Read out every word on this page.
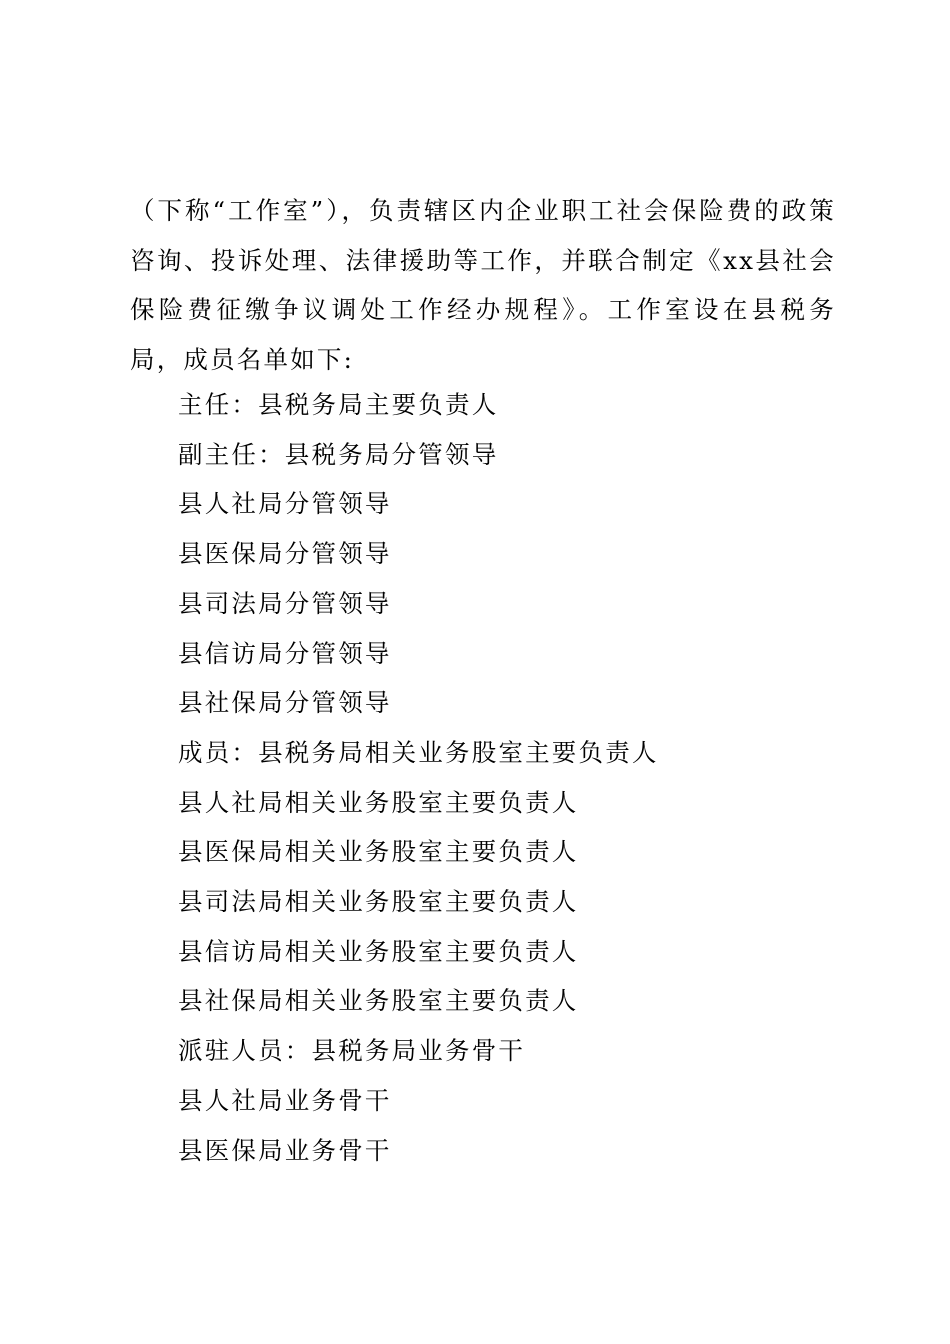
（下称“工作室”），负责辖区内企业职工社会保险费的政策咨询、投诉处理、法律援助等工作，并联合制定《xx县社会保险费征缴争议调处工作经办规程》。工作室设在县税务局，成员名单如下:

主任：县税务局主要负责人
副主任：县税务局分管领导
县人社局分管领导
县医保局分管领导
县司法局分管领导
县信访局分管领导
县社保局分管领导
成员：县税务局相关业务股室主要负责人
县人社局相关业务股室主要负责人
县医保局相关业务股室主要负责人
县司法局相关业务股室主要负责人
县信访局相关业务股室主要负责人
县社保局相关业务股室主要负责人
派驻人员：县税务局业务骨干
县人社局业务骨干
县医保局业务骨干
